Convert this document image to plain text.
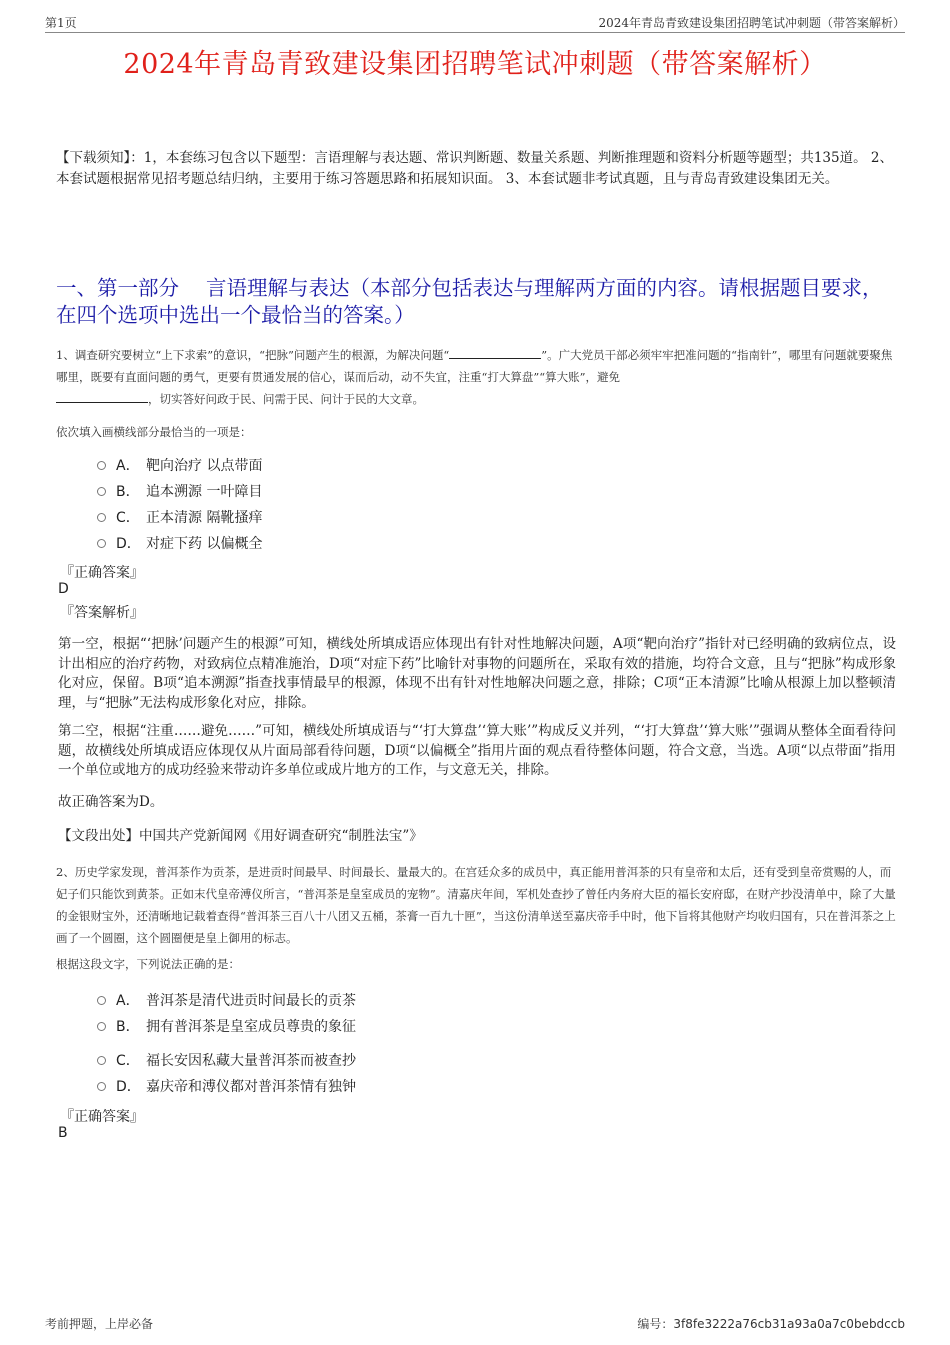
第1页	2024年青岛青致建设集团招聘笔试冲刺题（带答案解析）
2024年青岛青致建设集团招聘笔试冲刺题（带答案解析）
【下载须知】：1，本套练习包含以下题型：言语理解与表达题、常识判断题、数量关系题、判断推理题和资料分析题等题型；共135道。 2、本套试题根据常见招考题总结归纳，主要用于练习答题思路和拓展知识面。 3、本套试题非考试真题，且与青岛青致建设集团无关。
一、第一部分　 言语理解与表达（本部分包括表达与理解两方面的内容。请根据题目要求，在四个选项中选出一个最恰当的答案。）
1、调查研究要树立“上下求索”的意识，“把脉”问题产生的根源，为解决问题“	”。广大党员干部必须牢牢把准问题的“指南针”，哪里有问题就要聚焦哪里，既要有直面问题的勇气，更要有贯通发展的信心，谋而后动，动不失宜，注重“打大算盘”“算大账”，避免
，切实答好问政于民、问需于民、问计于民的大文章。
依次填入画横线部分最恰当的一项是：
A． 靶向治疗 以点带面
B． 追本溯源 一叶障目
C． 正本清源 隔靴搔痒
D． 对症下药 以偏概全
『正确答案』
D
『答案解析』
第一空，根据“‘把脉’问题产生的根源”可知，横线处所填成语应体现出有针对性地解决问题，A项“靶向治疗”指针对已经明确的致病位点，设计出相应的治疗药物，对致病位点精准施治，D项“对症下药”比喻针对事物的问题所在，采取有效的措施，均符合文意，且与“把脉”构成形象化对应，保留。B项“追本溯源”指查找事情最早的根源，体现不出有针对性地解决问题之意，排除；C项“正本清源”比喻从根源上加以整顿清理，与“把脉”无法构成形象化对应，排除。
第二空，根据“注重……避免……”可知，横线处所填成语与“‘打大算盘’‘算大账’”构成反义并列，“‘打大算盘’‘算大账’”强调从整体全面看待问题，故横线处所填成语应体现仅从片面局部看待问题，D项“以偏概全”指用片面的观点看待整体问题，符合文意，当选。A项“以点带面”指用一个单位或地方的成功经验来带动许多单位或成片地方的工作，与文意无关，排除。
故正确答案为D。
【文段出处】中国共产党新闻网《用好调查研究“制胜法宝”》
2、历史学家发现，普洱茶作为贡茶，是进贡时间最早、时间最长、量最大的。在宫廷众多的成员中，真正能用普洱茶的只有皇帝和太后，还有受到皇帝赏赐的人，而妃子们只能饮到黄茶。正如末代皇帝溥仪所言，“普洱茶是皇室成员的宠物”。清嘉庆年间，军机处查抄了曾任内务府大臣的福长安府邸，在财产抄没清单中，除了大量的金银财宝外，还清晰地记载着查得“普洱茶三百八十八团又五桶，茶膏一百九十匣”，当这份清单送至嘉庆帝手中时，他下旨将其他财产均收归国有，只在普洱茶之上画了一个圆圈，这个圆圈便是皇上御用的标志。
根据这段文字，下列说法正确的是：
A． 普洱茶是清代进贡时间最长的贡茶
B． 拥有普洱茶是皇室成员尊贵的象征
C． 福长安因私藏大量普洱茶而被查抄
D． 嘉庆帝和溥仪都对普洱茶情有独钟
『正确答案』
B
考前押题，上岸必备	编号：3f8fe3222a76cb31a93a0a7c0bebdccb
